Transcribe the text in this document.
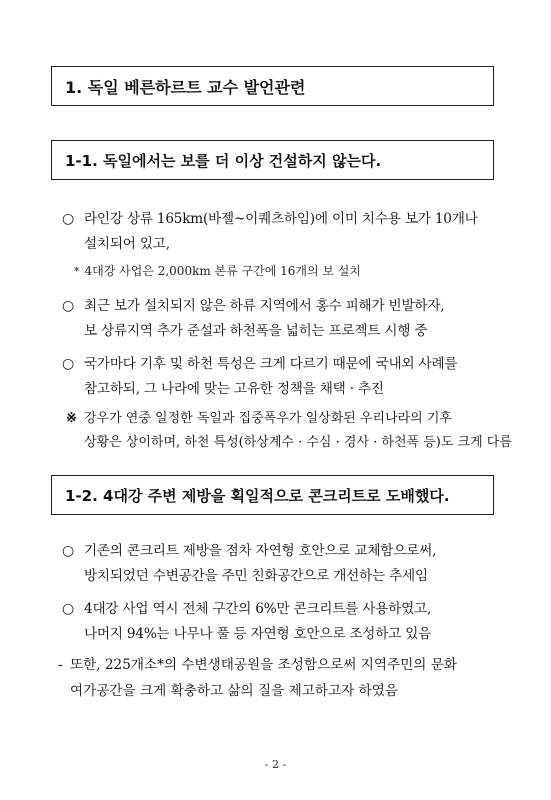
1. 독일 베른하르트 교수 발언관련
1-1. 독일에서는 보를 더 이상 건설하지 않는다.
○ 라인강 상류 165km(바젤~이퀘츠하임)에 이미 치수용 보가 10개나
설치되어 있고,
* 4대강 사업은 2,000km 본류 구간에 16개의 보 설치
○ 최근 보가 설치되지 않은 하류 지역에서 홍수 피해가 빈발하자,
보 상류지역 추가 준설과 하천폭을 넓히는 프로젝트 시행 중
○ 국가마다 기후 및 하천 특성은 크게 다르기 때문에 국내외 사례를
참고하되, 그 나라에 맞는 고유한 정책을 채택 · 추진
※ 강우가 연중 일정한 독일과 집중폭우가 일상화된 우리나라의 기후
상황은 상이하며, 하천 특성(하상계수 · 수심 · 경사 · 하천폭 등)도 크게 다름
1-2. 4대강 주변 제방을 획일적으로 콘크리트로 도배했다.
○ 기존의 콘크리트 제방을 점차 자연형 호안으로 교체함으로써,
방치되었던 수변공간을 주민 친화공간으로 개선하는 추세임
○ 4대강 사업 역시 전체 구간의 6%만 콘크리트를 사용하였고,
나머지 94%는 나무나 풀 등 자연형 호안으로 조성하고 있음
- 또한, 225개소*의 수변생태공원을 조성함으로써 지역주민의 문화
여가공간을 크게 확충하고 삶의 질을 제고하고자 하였음
- 2 -
